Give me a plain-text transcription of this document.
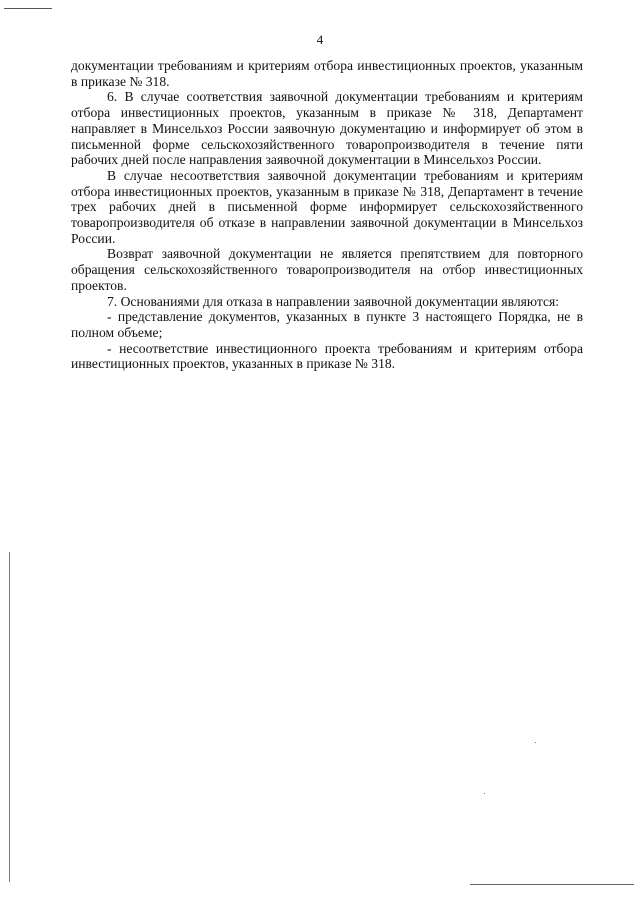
4

документации требованиям и критериям отбора инвестиционных проектов, указанным в приказе № 318.

6. В случае соответствия заявочной документации требованиям и критериям отбора инвестиционных проектов, указанным в приказе № 318, Департамент направляет в Минсельхоз России заявочную документацию и информирует об этом в письменной форме сельскохозяйственного товаропроизводителя в течение пяти рабочих дней после направления заявочной документации в Минсельхоз России.

В случае несоответствия заявочной документации требованиям и критериям отбора инвестиционных проектов, указанным в приказе № 318, Департамент в течение трех рабочих дней в письменной форме информирует сельскохозяйственного товаропроизводителя об отказе в направлении заявочной документации в Минсельхоз России.

Возврат заявочной документации не является препятствием для повторного обращения сельскохозяйственного товаропроизводителя на отбор инвестиционных проектов.

7. Основаниями для отказа в направлении заявочной документации являются:

- представление документов, указанных в пункте 3 настоящего Порядка, не в полном объеме;

- несоответствие инвестиционного проекта требованиям и критериям отбора инвестиционных проектов, указанных в приказе № 318.
